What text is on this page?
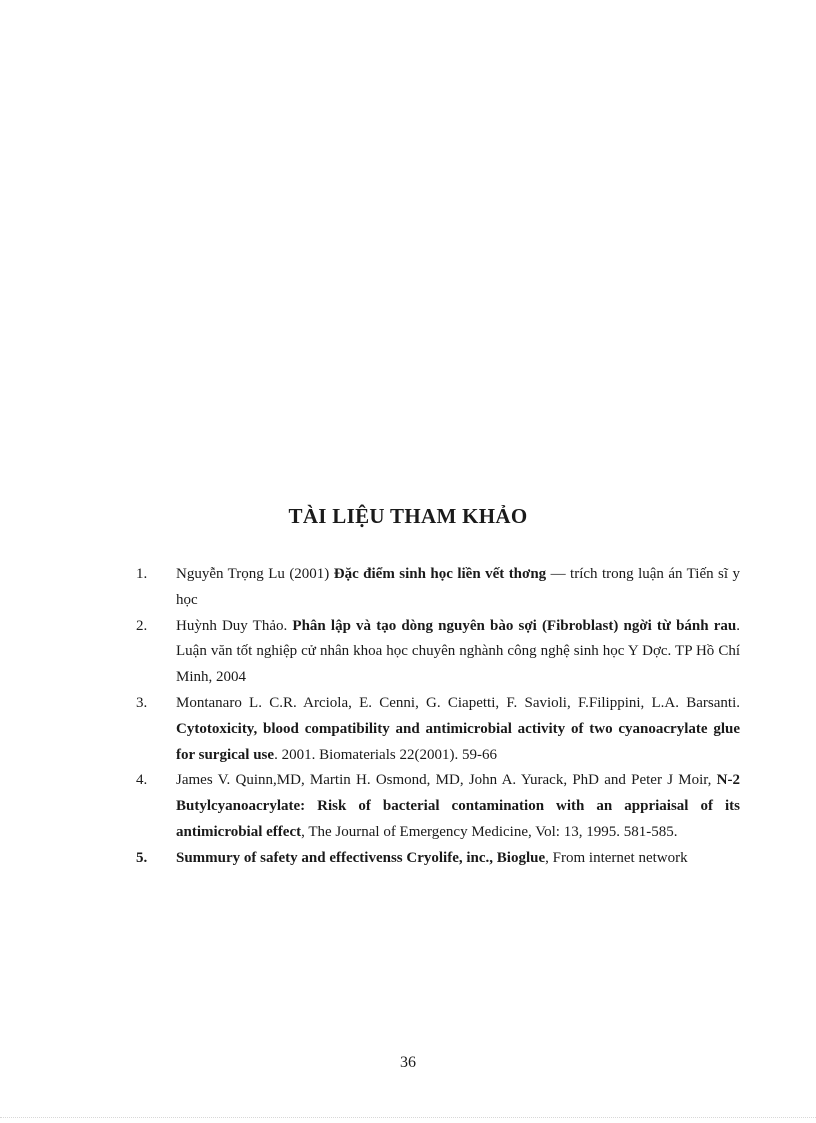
TÀI LIỆU THAM KHẢO
1. Nguyễn Trọng Lu (2001) Đặc điểm sinh học liền vết thơng — trích trong luận án Tiến sĩ y học
2. Huỳnh Duy Thảo. Phân lập và tạo dòng nguyên bào sợi (Fibroblast) ngời từ bánh rau. Luận văn tốt nghiệp cử nhân khoa học chuyên nghành công nghệ sinh học Y Dợc. TP Hồ Chí Minh, 2004
3. Montanaro L. C.R. Arciola, E. Cenni, G. Ciapetti, F. Savioli, F.Filippini, L.A. Barsanti. Cytotoxicity, blood compatibility and antimicrobial activity of two cyanoacrylate glue for surgical use. 2001. Biomaterials 22(2001). 59-66
4. James V. Quinn,MD, Martin H. Osmond, MD, John A. Yurack, PhD and Peter J Moir, N-2 Butylcyanoacrylate: Risk of bacterial contamination with an appriaisal of its antimicrobial effect, The Journal of Emergency Medicine, Vol: 13, 1995. 581-585.
5. Summury of safety and effectivenss Cryolife, inc., Bioglue, From internet network
36
